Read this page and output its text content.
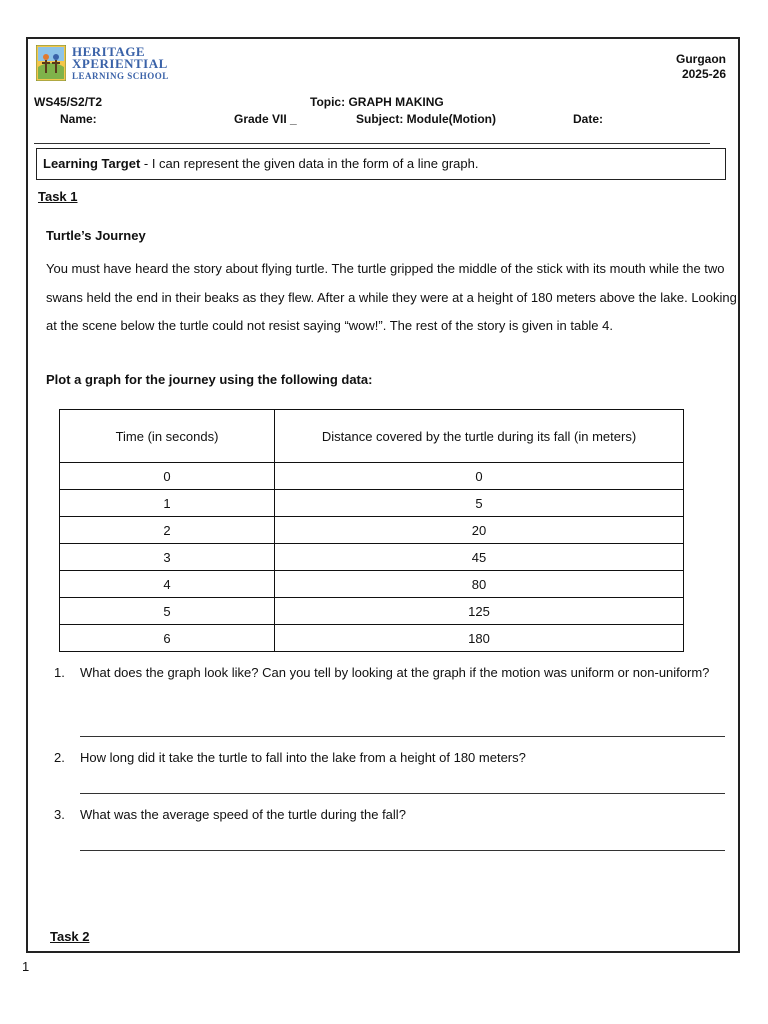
HERITAGE
XPERIENTIAL
LEARNING SCHOOL
Gurgaon
2025-26
WS45/S2/T2	Topic: GRAPH MAKING
Name:	Grade VII _	Subject: Module(Motion)	Date:
Learning Target - I can represent the given data in the form of a line graph.
Task 1
Turtle’s Journey
You must have heard the story about flying turtle. The turtle gripped the middle of the stick with its mouth while the two swans held the end in their beaks as they flew. After a while they were at a height of 180 meters above the lake. Looking at the scene below the turtle could not resist saying “wow!”. The rest of the story is given in table 4.
Plot a graph for the journey using the following data:
Time (in seconds)	Distance covered by the turtle during its fall (in meters)
0	0
1	5
2	20
3	45
4	80
5	125
6	180
1. What does the graph look like? Can you tell by looking at the graph if the motion was uniform or non-uniform?
2. How long did it take the turtle to fall into the lake from a height of 180 meters?
3. What was the average speed of the turtle during the fall?
Task 2
1
